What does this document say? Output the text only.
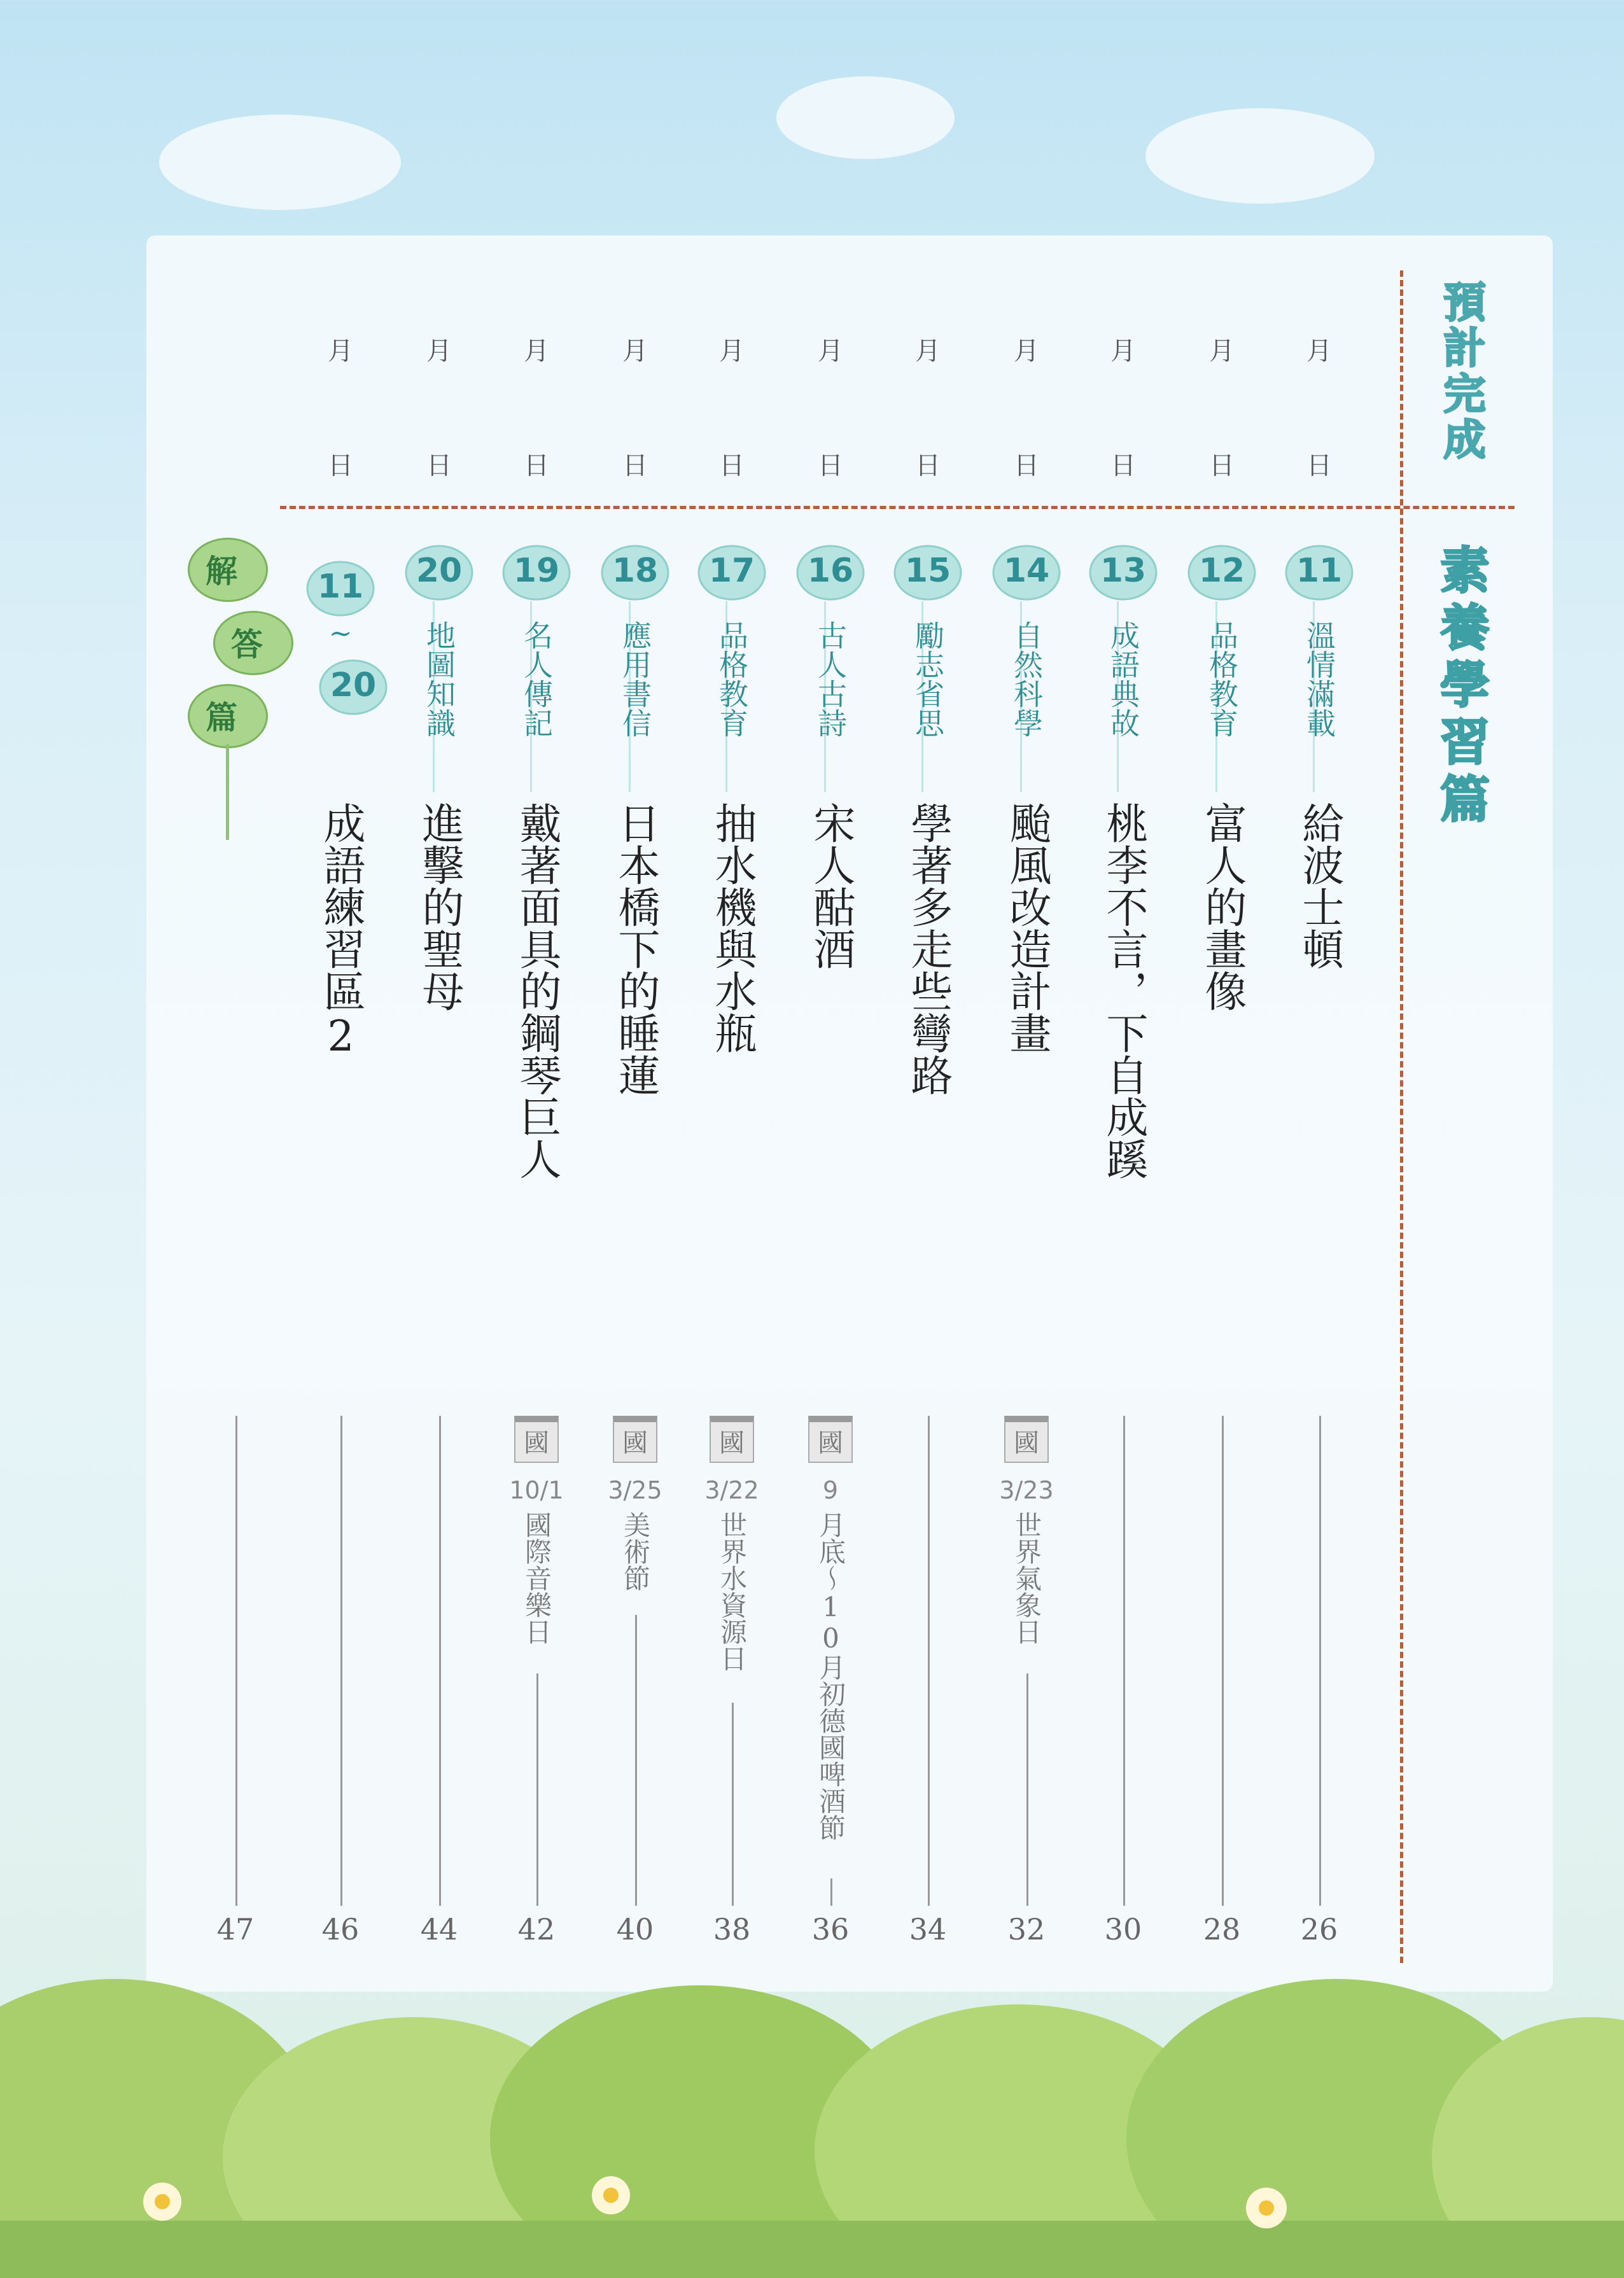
預計完成
素養學習篇
月
日
11
溫情滿載
給波士頓
26
月
日
12
品格教育
富人的畫像
28
月
日
13
成語典故
桃李不言，下自成蹊
30
月
日
14
自然科學
颱風改造計畫
國
3/23
世界氣象日
32
月
日
15
勵志省思
學著多走些彎路
34
月
日
16
古人古詩
宋人酤酒
國
9
月底～10月初德國啤酒節
36
月
日
17
品格教育
抽水機與水瓶
國
3/22
世界水資源日
38
月
日
18
應用書信
日本橋下的睡蓮
國
3/25
美術節
40
月
日
19
名人傳記
戴著面具的鋼琴巨人
國
10/1
國際音樂日
42
月
日
20
地圖知識
進擊的聖母
44
月
日
11
~
20
成語練習區2
46
解
答
篇
47
